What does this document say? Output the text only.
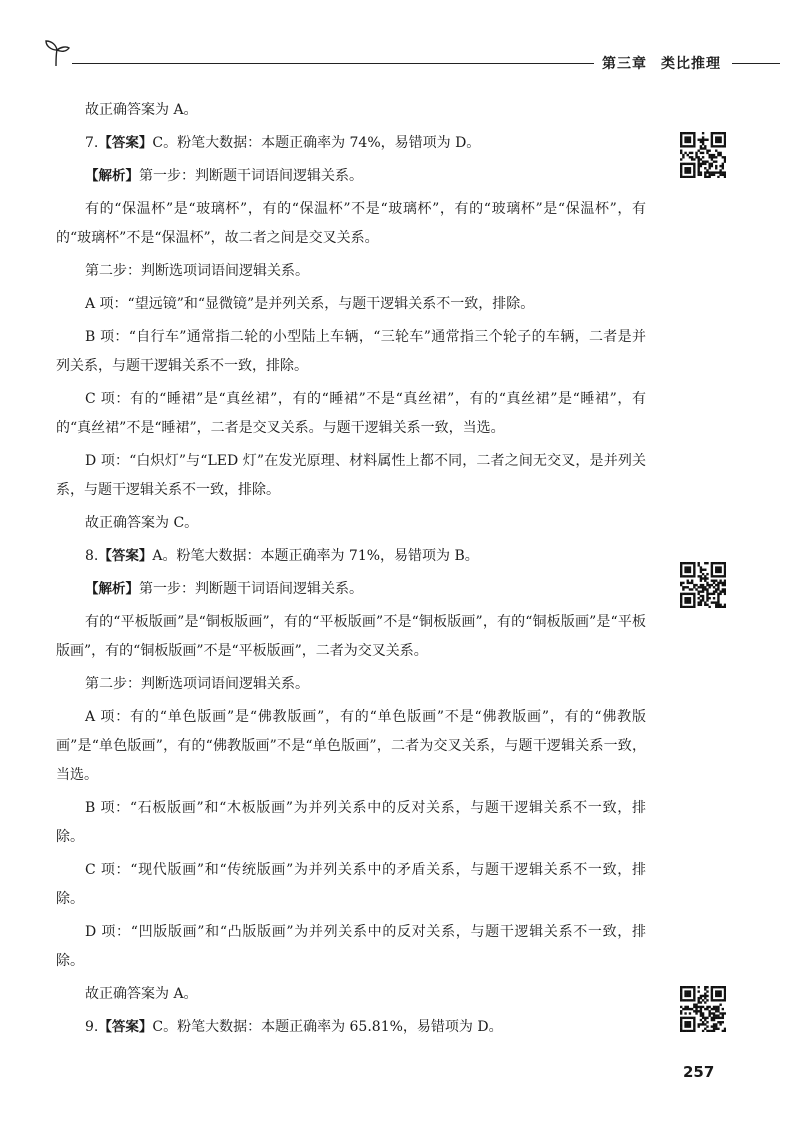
第三章 类比推理

故正确答案为 A。

7.【答案】C。粉笔大数据：本题正确率为 74%，易错项为 D。

【解析】第一步：判断题干词语间逻辑关系。

有的“保温杯”是“玻璃杯”，有的“保温杯”不是“玻璃杯”，有的“玻璃杯”是“保温杯”，有的“玻璃杯”不是“保温杯”，故二者之间是交叉关系。

第二步：判断选项词语间逻辑关系。

A 项：“望远镜”和“显微镜”是并列关系，与题干逻辑关系不一致，排除。

B 项：“自行车”通常指二轮的小型陆上车辆，“三轮车”通常指三个轮子的车辆，二者是并列关系，与题干逻辑关系不一致，排除。

C 项：有的“睡裙”是“真丝裙”，有的“睡裙”不是“真丝裙”，有的“真丝裙”是“睡裙”，有的“真丝裙”不是“睡裙”，二者是交叉关系。与题干逻辑关系一致，当选。

D 项：“白炽灯”与“LED 灯”在发光原理、材料属性上都不同，二者之间无交叉，是并列关系，与题干逻辑关系不一致，排除。

故正确答案为 C。

8.【答案】A。粉笔大数据：本题正确率为 71%，易错项为 B。

【解析】第一步：判断题干词语间逻辑关系。

有的“平板版画”是“铜板版画”，有的“平板版画”不是“铜板版画”，有的“铜板版画”是“平板版画”，有的“铜板版画”不是“平板版画”，二者为交叉关系。

第二步：判断选项词语间逻辑关系。

A 项：有的“单色版画”是“佛教版画”，有的“单色版画”不是“佛教版画”，有的“佛教版画”是“单色版画”，有的“佛教版画”不是“单色版画”，二者为交叉关系，与题干逻辑关系一致，当选。

B 项：“石板版画”和“木板版画”为并列关系中的反对关系，与题干逻辑关系不一致，排除。

C 项：“现代版画”和“传统版画”为并列关系中的矛盾关系，与题干逻辑关系不一致，排除。

D 项：“凹版版画”和“凸版版画”为并列关系中的反对关系，与题干逻辑关系不一致，排除。

故正确答案为 A。

9.【答案】C。粉笔大数据：本题正确率为 65.81%，易错项为 D。

257
